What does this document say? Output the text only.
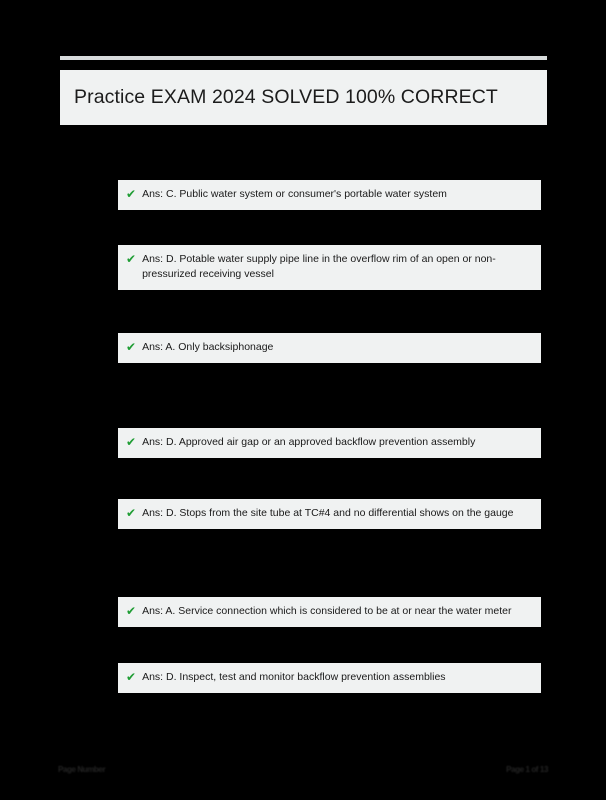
Practice EXAM 2024 SOLVED 100% CORRECT
✔ Ans: C. Public water system or consumer's portable water system
✔ Ans: D. Potable water supply pipe line in the overflow rim of an open or non-pressurized receiving vessel
✔ Ans: A. Only backsiphonage
✔ Ans: D. Approved air gap or an approved backflow prevention assembly
✔ Ans: D. Stops from the site tube at TC#4 and no differential shows on the gauge
✔ Ans: A. Service connection which is considered to be at or near the water meter
✔ Ans: D. Inspect, test and monitor backflow prevention assemblies
Page Number	Page 1 of 13
